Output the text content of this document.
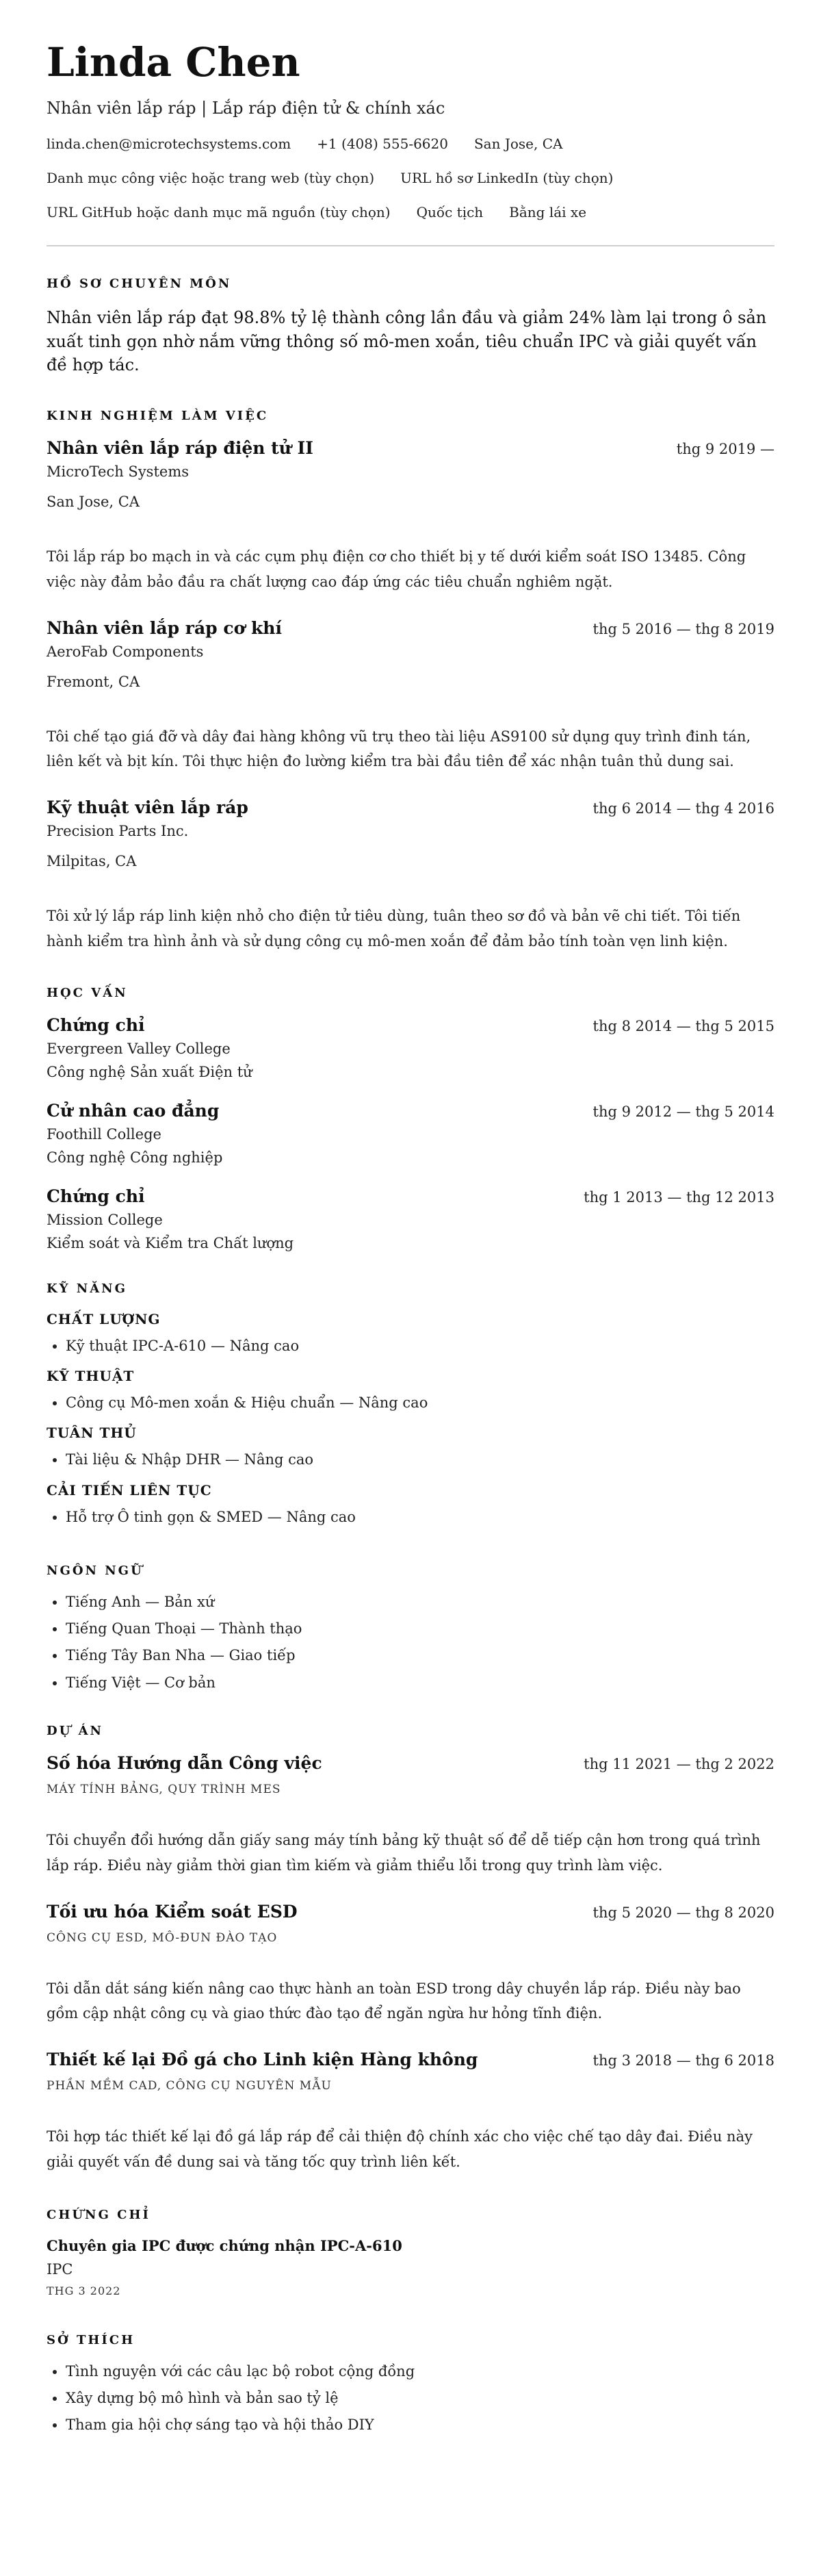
Linda Chen
Nhân viên lắp ráp | Lắp ráp điện tử & chính xác
linda.chen@microtechsystems.com +1 (408) 555-6620 San Jose, CA
Danh mục công việc hoặc trang web (tùy chọn) URL hồ sơ LinkedIn (tùy chọn)
URL GitHub hoặc danh mục mã nguồn (tùy chọn) Quốc tịch Bằng lái xe
HỒ SƠ CHUYÊN MÔN

Nhân viên lắp ráp đạt 98.8% tỷ lệ thành công lần đầu và giảm 24% làm lại trong ô sản xuất tinh gọn nhờ nắm vững thông số mô-men xoắn, tiêu chuẩn IPC và giải quyết vấn đề hợp tác.

KINH NGHIỆM LÀM VIỆC
Nhân viên lắp ráp điện tử II	thg 9 2019 —
MicroTech Systems
San Jose, CA
Tôi lắp ráp bo mạch in và các cụm phụ điện cơ cho thiết bị y tế dưới kiểm soát ISO 13485. Công việc này đảm bảo đầu ra chất lượng cao đáp ứng các tiêu chuẩn nghiêm ngặt.
Nhân viên lắp ráp cơ khí	thg 5 2016 — thg 8 2019
AeroFab Components
Fremont, CA
Tôi chế tạo giá đỡ và dây đai hàng không vũ trụ theo tài liệu AS9100 sử dụng quy trình đinh tán, liên kết và bịt kín. Tôi thực hiện đo lường kiểm tra bài đầu tiên để xác nhận tuân thủ dung sai.
Kỹ thuật viên lắp ráp	thg 6 2014 — thg 4 2016
Precision Parts Inc.
Milpitas, CA
Tôi xử lý lắp ráp linh kiện nhỏ cho điện tử tiêu dùng, tuân theo sơ đồ và bản vẽ chi tiết. Tôi tiến hành kiểm tra hình ảnh và sử dụng công cụ mô-men xoắn để đảm bảo tính toàn vẹn linh kiện.
HỌC VẤN
Chứng chỉ	thg 8 2014 — thg 5 2015
Evergreen Valley College
Công nghệ Sản xuất Điện tử
Cử nhân cao đẳng	thg 9 2012 — thg 5 2014
Foothill College
Công nghệ Công nghiệp
Chứng chỉ	thg 1 2013 — thg 12 2013
Mission College
Kiểm soát và Kiểm tra Chất lượng
KỸ NĂNG
CHẤT LƯỢNG
• Kỹ thuật IPC-A-610 — Nâng cao
KỸ THUẬT
• Công cụ Mô-men xoắn & Hiệu chuẩn — Nâng cao
TUÂN THỦ
• Tài liệu & Nhập DHR — Nâng cao
CẢI TIẾN LIÊN TỤC
• Hỗ trợ Ô tinh gọn & SMED — Nâng cao
NGÔN NGỮ
• Tiếng Anh — Bản xứ
• Tiếng Quan Thoại — Thành thạo
• Tiếng Tây Ban Nha — Giao tiếp
• Tiếng Việt — Cơ bản
DỰ ÁN
Số hóa Hướng dẫn Công việc	thg 11 2021 — thg 2 2022
MÁY TÍNH BẢNG, QUY TRÌNH MES
Tôi chuyển đổi hướng dẫn giấy sang máy tính bảng kỹ thuật số để dễ tiếp cận hơn trong quá trình lắp ráp. Điều này giảm thời gian tìm kiếm và giảm thiểu lỗi trong quy trình làm việc.
Tối ưu hóa Kiểm soát ESD	thg 5 2020 — thg 8 2020
CÔNG CỤ ESD, MÔ-ĐUN ĐÀO TẠO
Tôi dẫn dắt sáng kiến nâng cao thực hành an toàn ESD trong dây chuyền lắp ráp. Điều này bao gồm cập nhật công cụ và giao thức đào tạo để ngăn ngừa hư hỏng tĩnh điện.
Thiết kế lại Đồ gá cho Linh kiện Hàng không	thg 3 2018 — thg 6 2018
PHẦN MỀM CAD, CÔNG CỤ NGUYÊN MẪU
Tôi hợp tác thiết kế lại đồ gá lắp ráp để cải thiện độ chính xác cho việc chế tạo dây đai. Điều này giải quyết vấn đề dung sai và tăng tốc quy trình liên kết.
CHỨNG CHỈ
Chuyên gia IPC được chứng nhận IPC-A-610
IPC
THG 3 2022
SỞ THÍCH
• Tình nguyện với các câu lạc bộ robot cộng đồng
• Xây dựng bộ mô hình và bản sao tỷ lệ
• Tham gia hội chợ sáng tạo và hội thảo DIY
